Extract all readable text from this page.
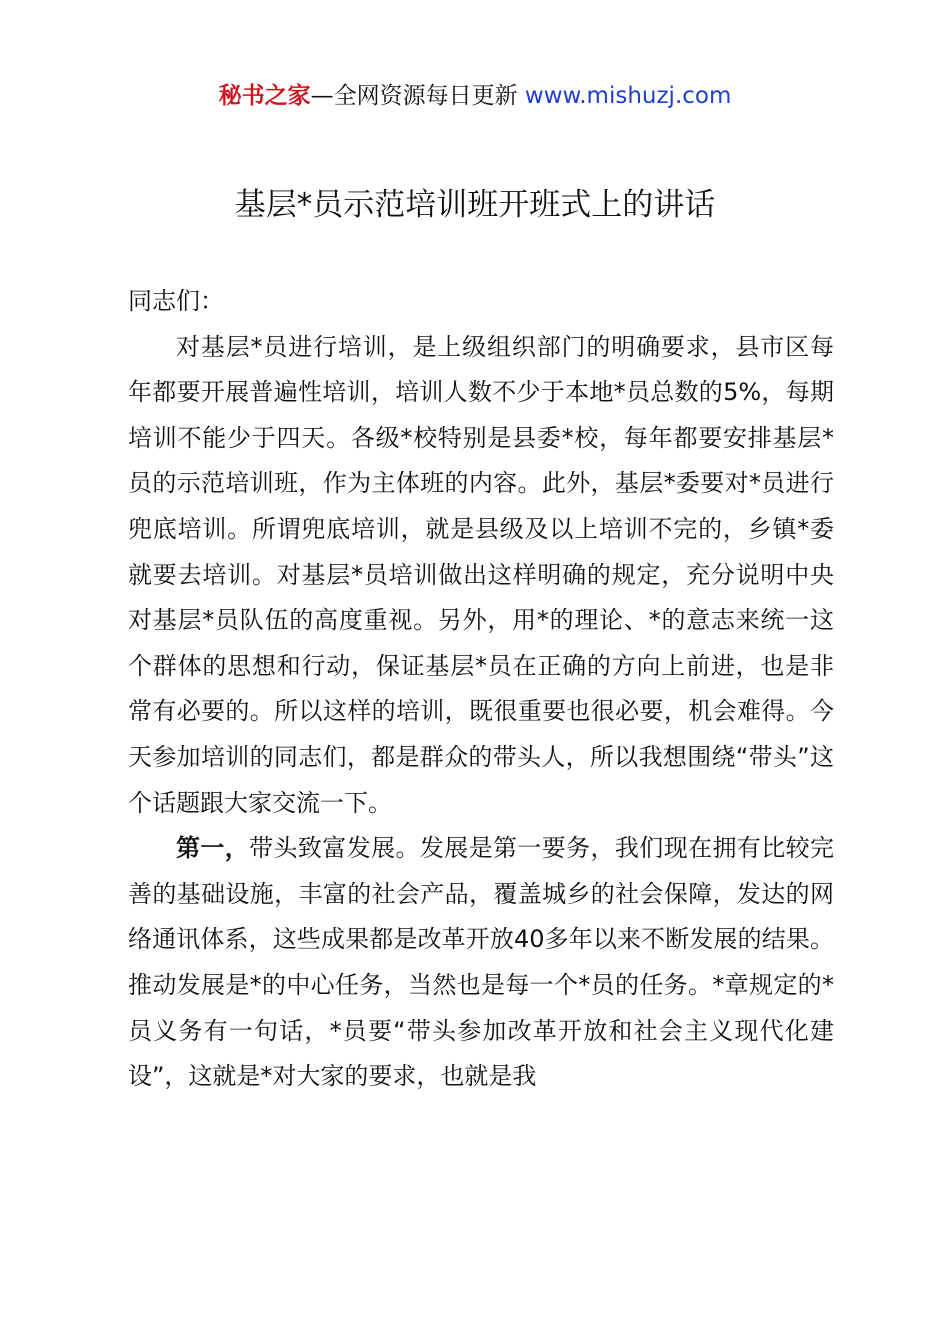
秘书之家—全网资源每日更新 www.mishuzj.com
基层*员示范培训班开班式上的讲话

同志们：

对基层*员进行培训，是上级组织部门的明确要求，县市区每年都要开展普遍性培训，培训人数不少于本地*员总数的5%，每期培训不能少于四天。各级*校特别是县委*校，每年都要安排基层*员的示范培训班，作为主体班的内容。此外，基层*委要对*员进行兜底培训。所谓兜底培训，就是县级及以上培训不完的，乡镇*委就要去培训。对基层*员培训做出这样明确的规定，充分说明中央对基层*员队伍的高度重视。另外，用*的理论、*的意志来统一这个群体的思想和行动，保证基层*员在正确的方向上前进，也是非常有必要的。所以这样的培训，既很重要也很必要，机会难得。今天参加培训的同志们，都是群众的带头人，所以我想围绕“带头”这个话题跟大家交流一下。

第一，带头致富发展。发展是第一要务，我们现在拥有比较完善的基础设施，丰富的社会产品，覆盖城乡的社会保障，发达的网络通讯体系，这些成果都是改革开放40多年以来不断发展的结果。推动发展是*的中心任务，当然也是每一个*员的任务。*章规定的*员义务有一句话，*员要“带头参加改革开放和社会主义现代化建设”，这就是*对大家的要求，也就是我
